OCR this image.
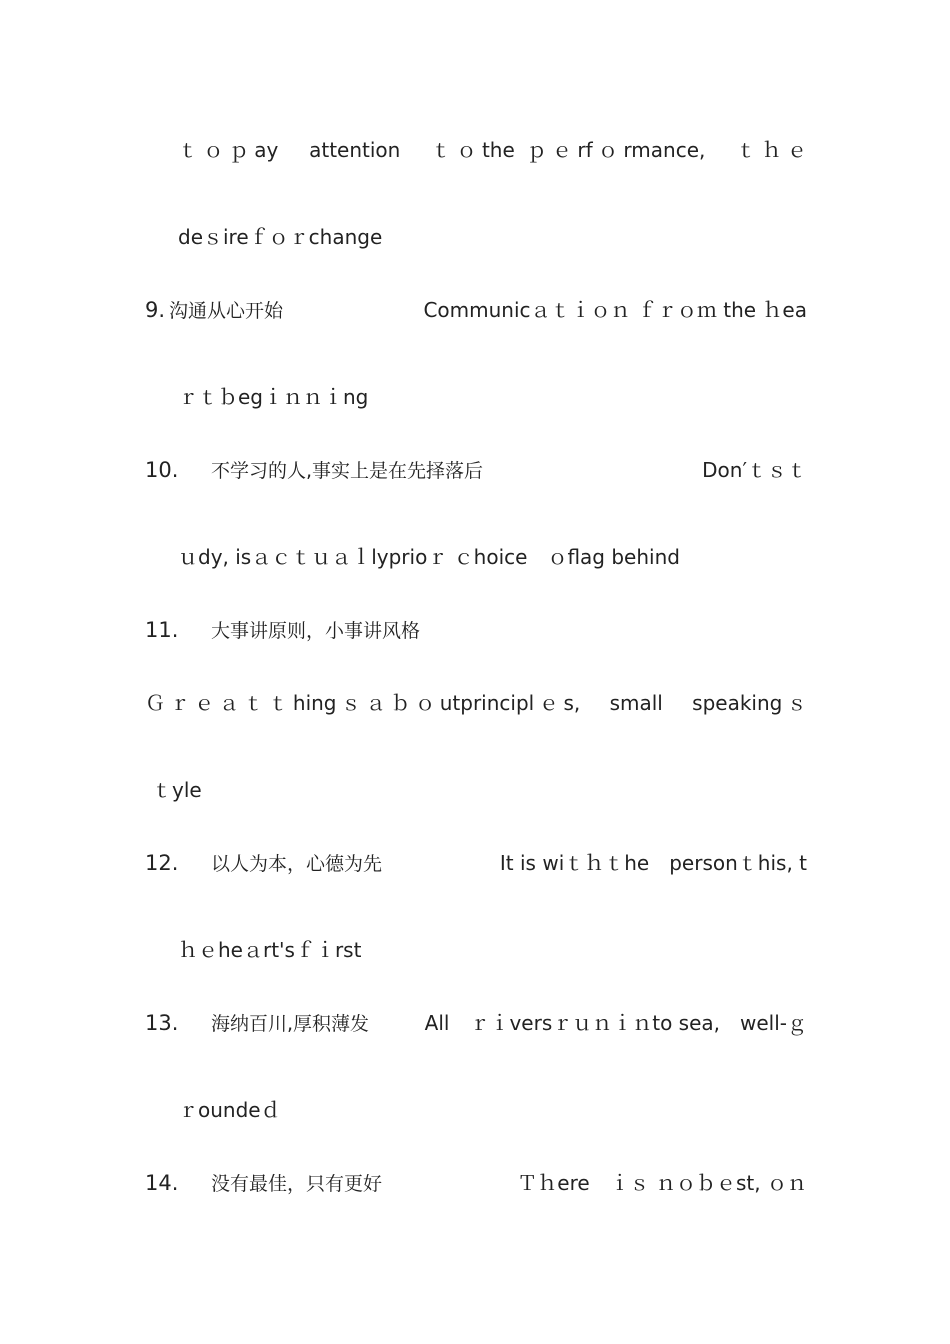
ｔｏｐay　attention　ｔｏthe ｐｅrfｏrmance,　ｔｈｅ
deｓireｆｏｒchange
9. 沟通从心开始	Communicａｔｉｏｎ ｆｒｏｍ the ｈea
ｒｔｂegｉｎｎｉng
10.	不学习的人,事实上是在先择落后	Don′ｔｓｔ
ｕdy, isａｃｔｕａｌlyprioｒ ｃhoice　ｏflag behind
11.	大事讲原则，小事讲风格
Ｇｒｅａｔｔhingｓａｂｏutprinciplｅs,　small　speakingｓ
ｔyle
12.	以人为本，心德为先	It is wiｔｈｔhe　personｔhis, t
ｈｅheａrt'sｆｉrst
13.	海纳百川,厚积薄发	All　ｒｉversｒｕｎｉｎto sea,　well-ｇ
ｒoundeｄ
14.	没有最佳，只有更好	Ｔｈere　ｉｓ ｎｏｂｅst, ｏｎ
